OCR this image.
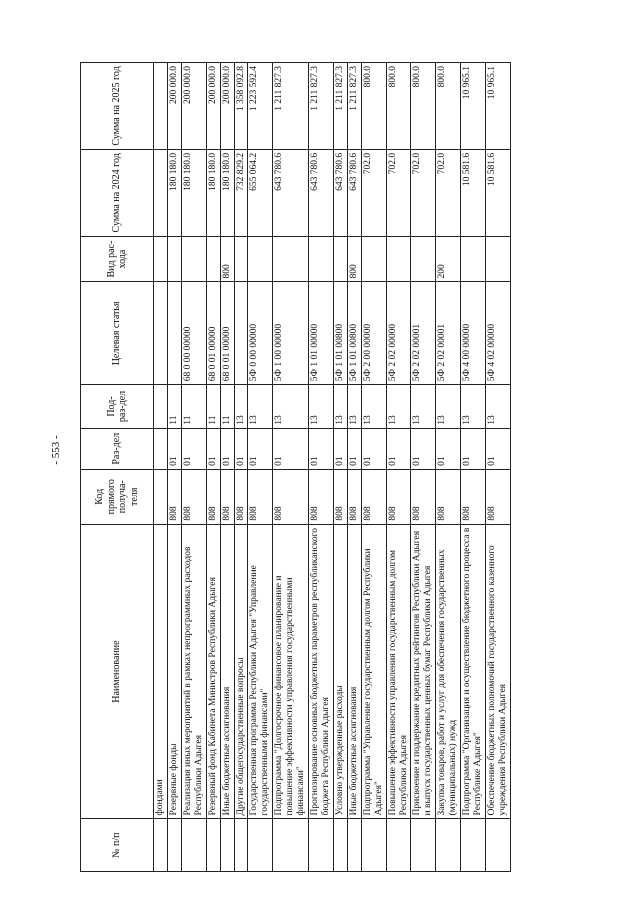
- 553 -
№ п/п	Наименование	Код прямого получа-теля	Раз-дел	Под-раз-дел	Целевая статья	Вид рас-хода	Сумма на 2024 год	Сумма на 2025 год
	фондами							
	Резервные фонды	808	01	11			180 180.0	200 000.0
	Реализация иных мероприятий в рамках непрограммных расходов Республики Адыгея	808	01	11	68 0 00 00000		180 180.0	200 000.0
	Резервный фонд Кабинета Министров Республики Адыгея	808	01	11	68 0 01 00000		180 180.0	200 000.0
	Иные бюджетные ассигнования	808	01	11	68 0 01 00000	800	180 180.0	200 000.0
	Другие общегосударственные вопросы	808	01	13			732 829.2	1 358 092.8
	Государственная программа Республики Адыгея "Управление государственными финансами"	808	01	13	5Ф 0 00 00000		655 064.2	1 223 592.4
	Подпрограмма "Долгосрочное финансовое планирование и повышение эффективности управления государственными финансами"	808	01	13	5Ф 1 00 00000		643 780.6	1 211 827.3
	Прогнозирование основных бюджетных параметров республиканского бюджета Республики Адыгея	808	01	13	5Ф 1 01 00000		643 780.6	1 211 827.3
	Условно утвержденные расходы	808	01	13	5Ф 1 01 00800		643 780.6	1 211 827.3
	Иные бюджетные ассигнования	808	01	13	5Ф 1 01 00800	800	643 780.6	1 211 827.3
	Подпрограмма "Управление государственным долгом Республики Адыгея"	808	01	13	5Ф 2 00 00000		702.0	800.0
	Повышение эффективности управления государственным долгом Республики Адыгея	808	01	13	5Ф 2 02 00000		702.0	800.0
	Присвоение и поддержание кредитных рейтингов Республики Адыгея и выпуск государственных ценных бумаг Республики Адыгея	808	01	13	5Ф 2 02 00001		702.0	800.0
	Закупка товаров, работ и услуг для обеспечения государственных (муниципальных) нужд	808	01	13	5Ф 2 02 00001	200	702.0	800.0
	Подпрограмма "Организация и осуществление бюджетного процесса в Республике Адыгея"	808	01	13	5Ф 4 00 00000		10 581.6	10 965.1
	Обеспечение бюджетных полномочий государственного казенного учреждения Республики Адыгея	808	01	13	5Ф 4 02 00000		10 581.6	10 965.1
